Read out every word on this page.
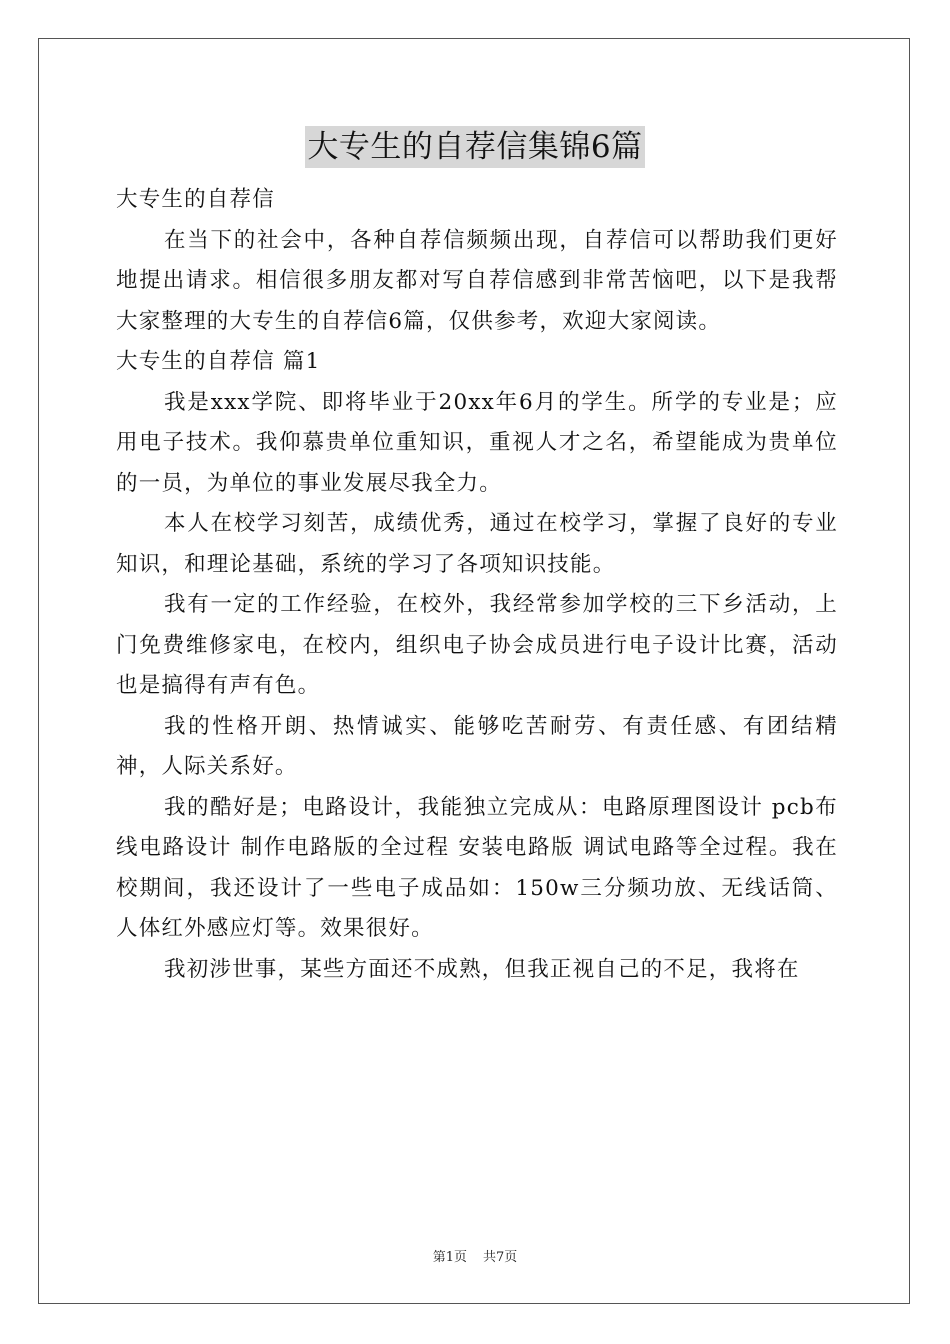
大专生的自荐信集锦6篇

大专生的自荐信

在当下的社会中，各种自荐信频频出现，自荐信可以帮助我们更好地提出请求。相信很多朋友都对写自荐信感到非常苦恼吧，以下是我帮大家整理的大专生的自荐信6篇，仅供参考，欢迎大家阅读。

大专生的自荐信 篇1

我是xxx学院、即将毕业于20xx年6月的学生。所学的专业是；应用电子技术。我仰慕贵单位重知识，重视人才之名，希望能成为贵单位的一员，为单位的事业发展尽我全力。

本人在校学习刻苦，成绩优秀，通过在校学习，掌握了良好的专业知识，和理论基础，系统的学习了各项知识技能。

我有一定的工作经验，在校外，我经常参加学校的三下乡活动，上门免费维修家电，在校内，组织电子协会成员进行电子设计比赛，活动也是搞得有声有色。

我的性格开朗、热情诚实、能够吃苦耐劳、有责任感、有团结精神，人际关系好。

我的酷好是；电路设计，我能独立完成从：电路原理图设计 pcb布线电路设计 制作电路版的全过程 安装电路版 调试电路等全过程。我在校期间，我还设计了一些电子成品如：150w三分频功放、无线话筒、人体红外感应灯等。效果很好。

我初涉世事，某些方面还不成熟，但我正视自己的不足，我将在

第1页 共7页
